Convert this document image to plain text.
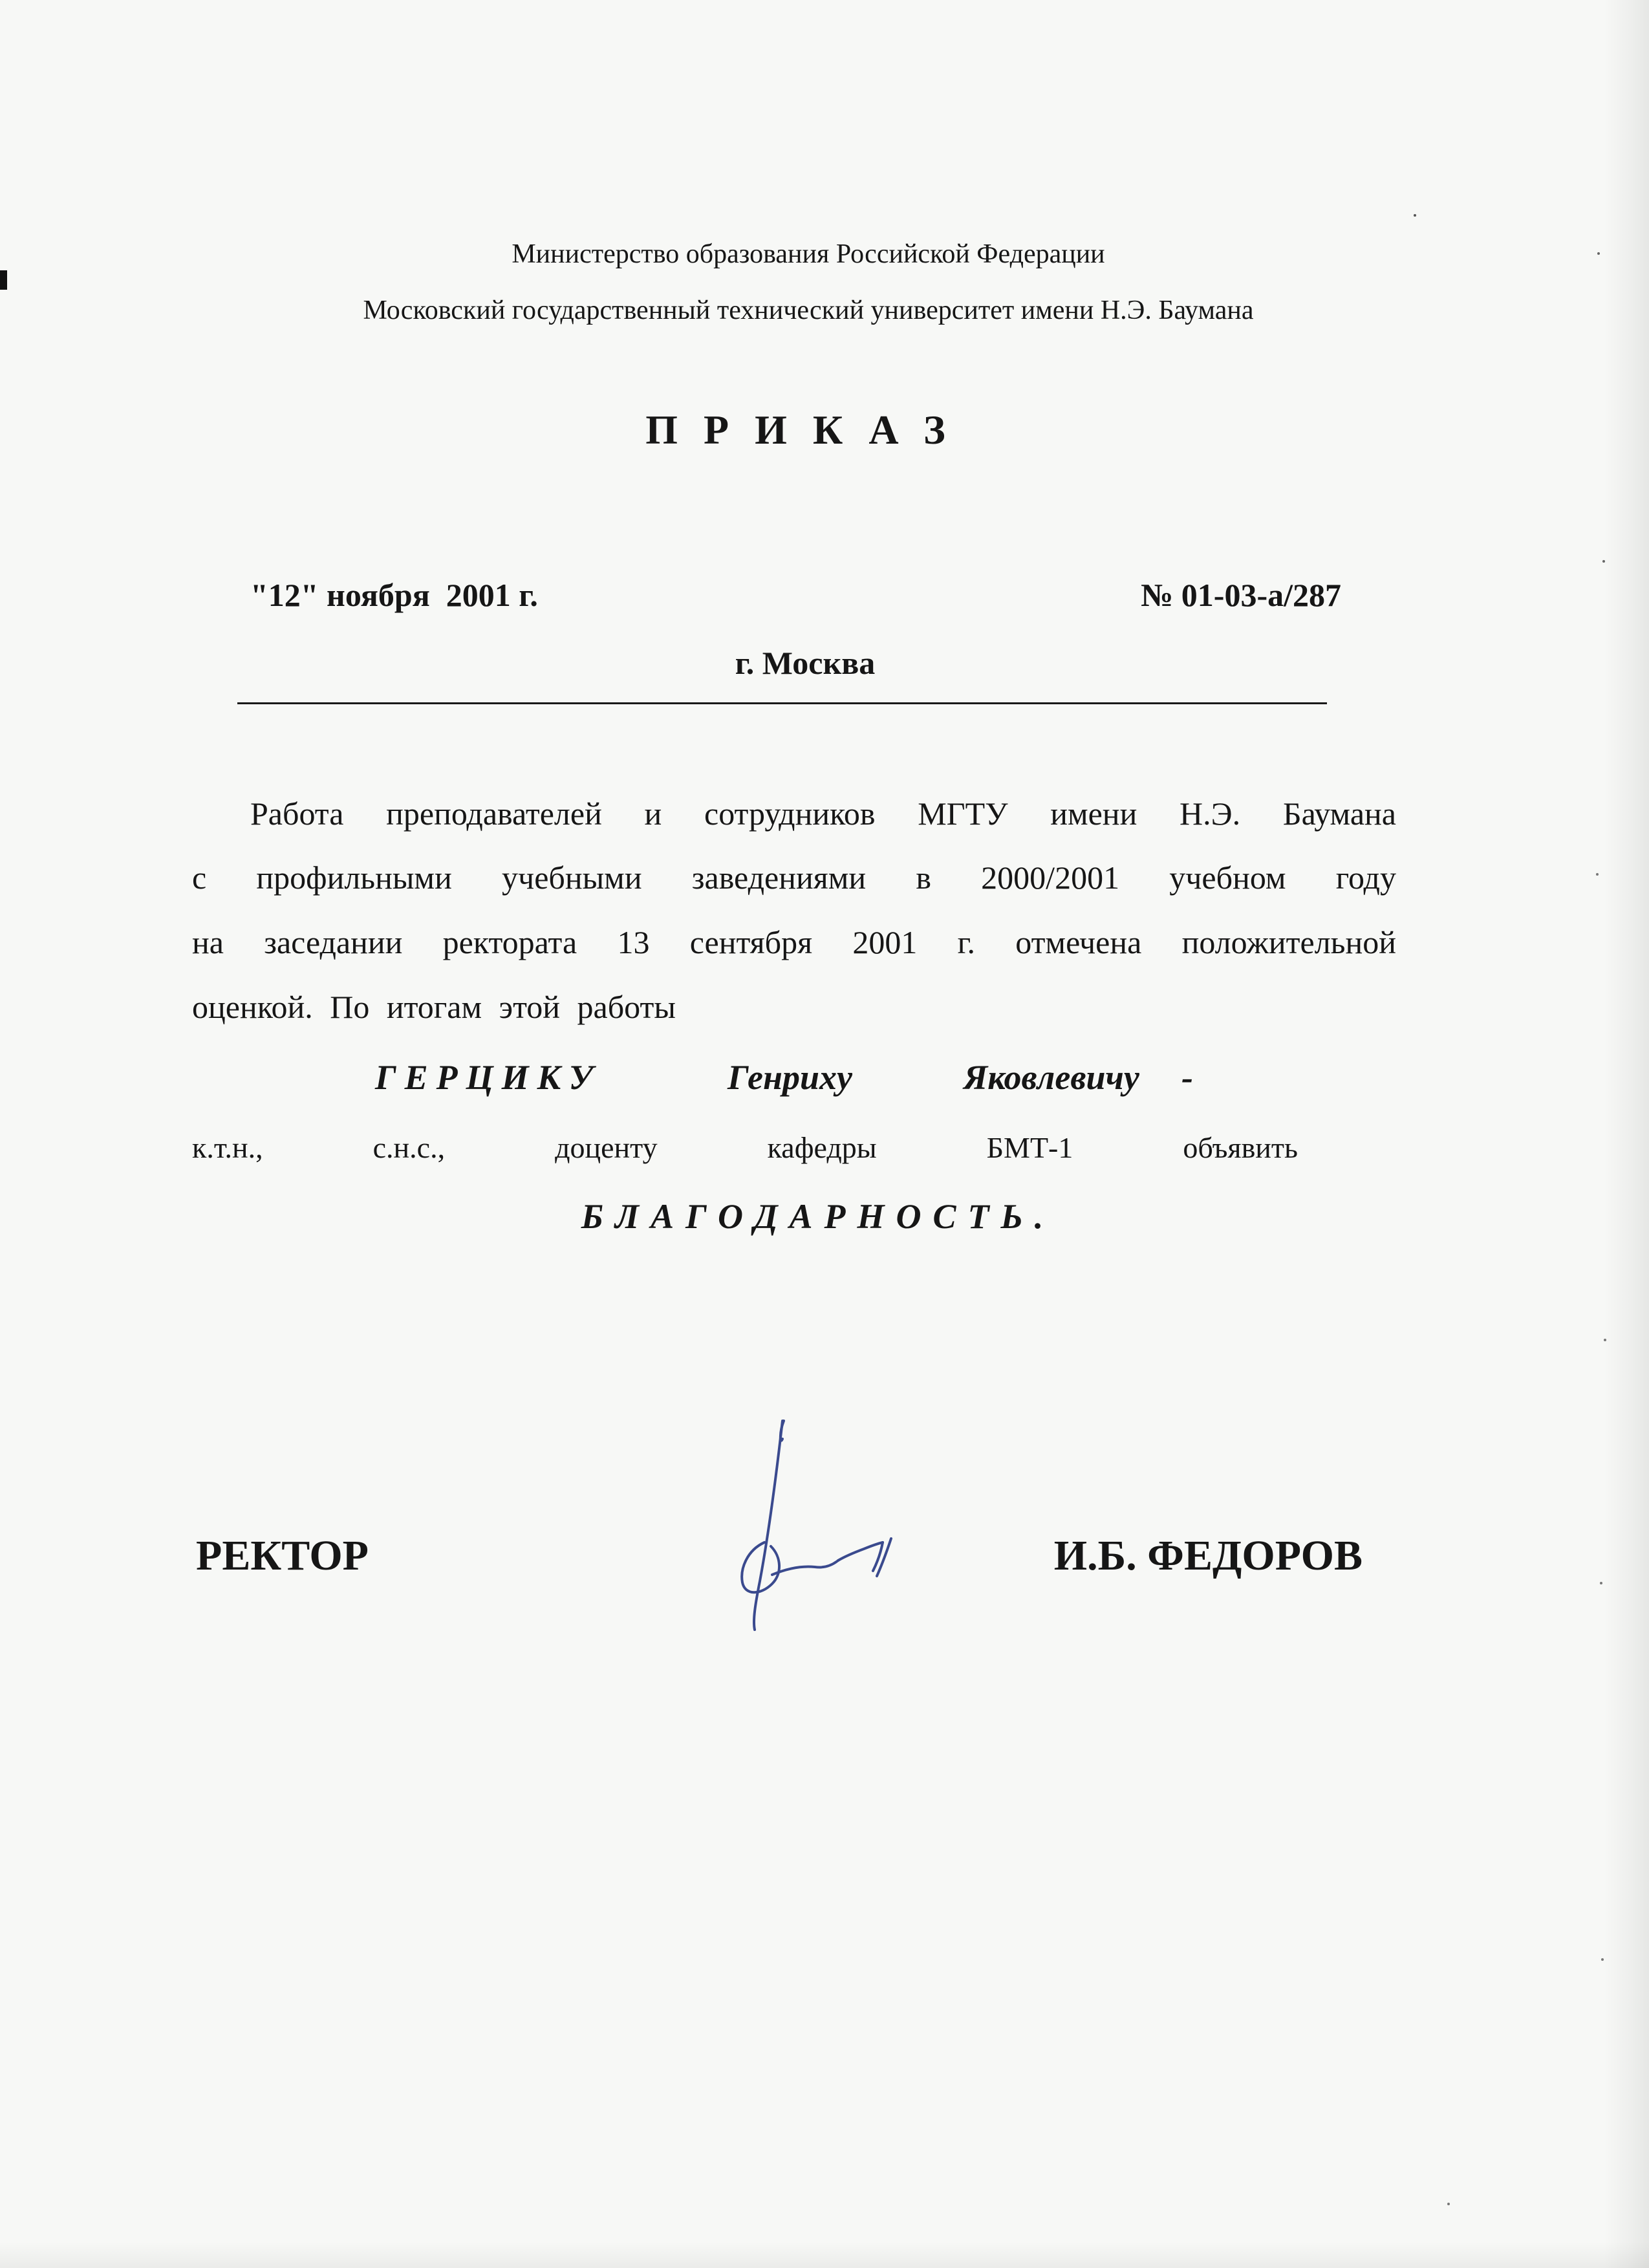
Министерство образования Российской Федерации
Московский государственный технический университет имени Н.Э. Баумана
ПРИКАЗ
"12" ноября  2001 г.	№ 01-03-а/287
г. Москва
Работа преподавателей и сотрудников МГТУ имени Н.Э. Баумана
с профильными учебными заведениями в 2000/2001 учебном году
на заседании ректората 13 сентября 2001 г. отмечена положительной
оценкой. По итогам этой работы
ГЕРЦИКУ	Генриху	Яковлевичу -
к.т.н., с.н.с., доценту кафедры БМТ-1 объявить
БЛАГОДАРНОСТЬ.
РЕКТОР	И.Б. ФЕДОРОВ
